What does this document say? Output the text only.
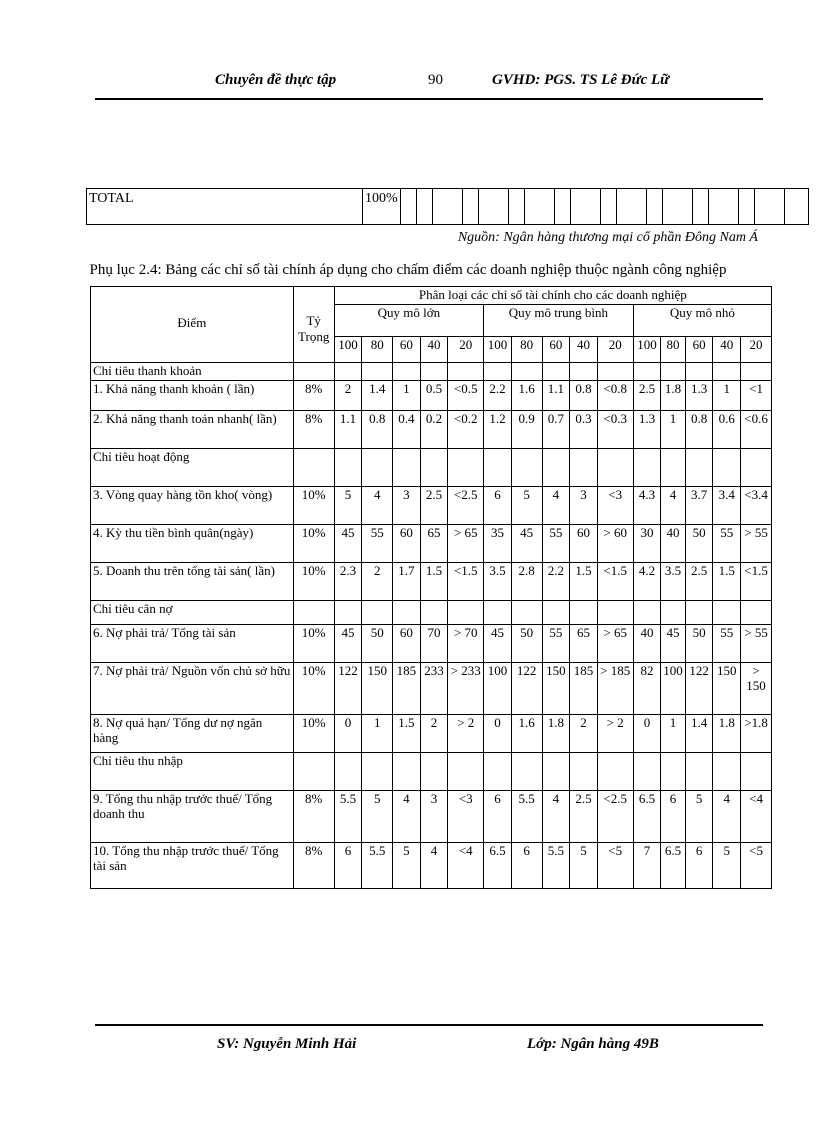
Chuyên đề thực tập	90	GVHD: PGS. TS Lê Đức Lữ
TOTAL	100%																		
Nguồn: Ngân hàng thương mại cổ phần Đông Nam Á
Phụ lục 2.4: Bảng các chỉ số tài chính áp dụng cho chấm điểm các doanh nghiệp thuộc ngành công nghiệp
Điểm	Tỷ Trọng	Phân loại các chỉ số tài chính cho các doanh nghiệp														
		Quy mô lớn					Quy mô trung bình					Quy mô nhỏ				
		100	80	60	40	20	100	80	60	40	20	100	80	60	40	20
Chỉ tiêu thanh khoản																
1. Khả năng thanh khoản ( lần)	8%	2	1.4	1	0.5	<0.5	2.2	1.6	1.1	0.8	<0.8	2.5	1.8	1.3	1	<1
2. Khả năng thanh toán nhanh( lần)	8%	1.1	0.8	0.4	0.2	<0.2	1.2	0.9	0.7	0.3	<0.3	1.3	1	0.8	0.6	<0.6
Chỉ tiêu hoạt động																
3. Vòng quay hàng tồn kho( vòng)	10%	5	4	3	2.5	<2.5	6	5	4	3	<3	4.3	4	3.7	3.4	<3.4
4. Kỳ thu tiền bình quân(ngày)	10%	45	55	60	65	> 65	35	45	55	60	> 60	30	40	50	55	> 55
5. Doanh thu trên tổng tài sản( lần)	10%	2.3	2	1.7	1.5	<1.5	3.5	2.8	2.2	1.5	<1.5	4.2	3.5	2.5	1.5	<1.5
Chỉ tiêu cân nợ																
6. Nợ phải trả/ Tổng tài sản	10%	45	50	60	70	> 70	45	50	55	65	> 65	40	45	50	55	> 55
7. Nợ phải trả/ Nguồn vốn chủ sở hữu	10%	122	150	185	233	> 233	100	122	150	185	> 185	82	100	122	150	> 150
8. Nợ quá hạn/ Tổng dư nợ ngân hàng	10%	0	1	1.5	2	> 2	0	1.6	1.8	2	> 2	0	1	1.4	1.8	>1.8
Chỉ tiêu thu nhập																
9. Tổng thu nhập trước thuế/ Tổng doanh thu	8%	5.5	5	4	3	<3	6	5.5	4	2.5	<2.5	6.5	6	5	4	<4
10. Tổng thu nhập trước thuế/ Tổng tài sản	8%	6	5.5	5	4	<4	6.5	6	5.5	5	<5	7	6.5	6	5	<5
SV: Nguyễn Minh Hải	Lớp: Ngân hàng 49B
